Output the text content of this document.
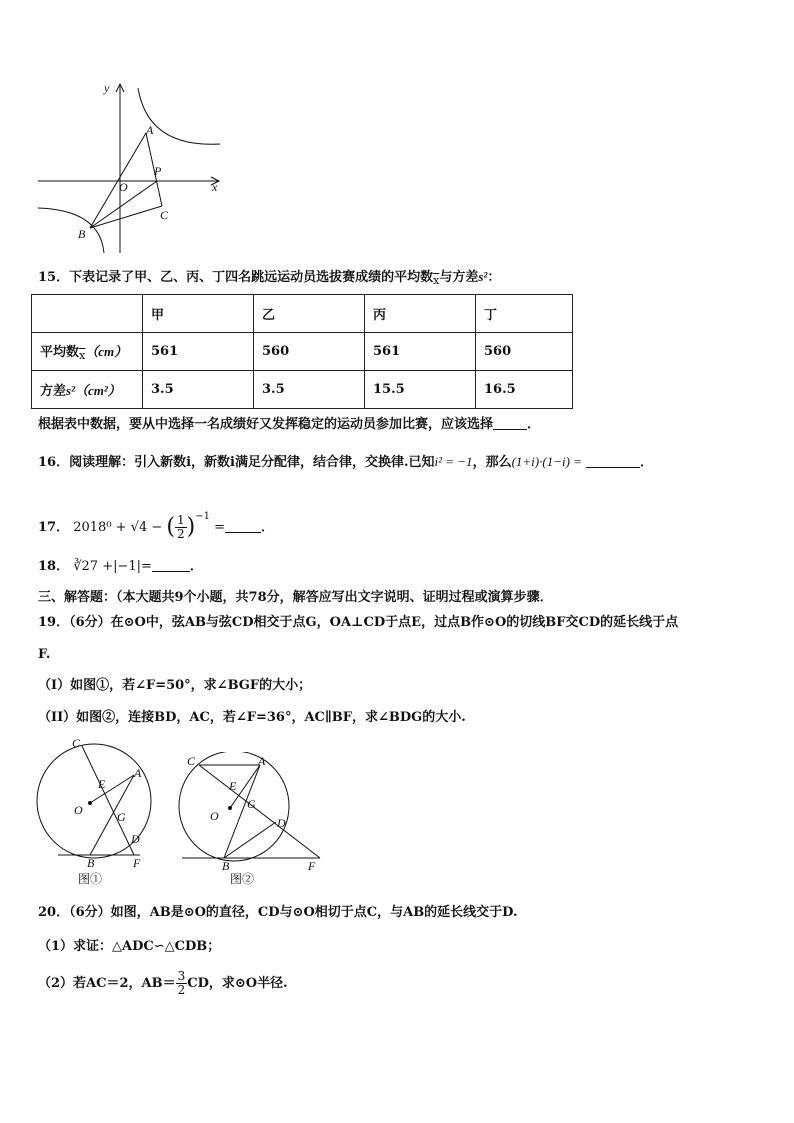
y
x
A
O
P
B
C
15．下表记录了甲、乙、丙、丁四名跳远运动员选拔赛成绩的平均数$_{\overline{x}}$与方差s²：
	甲	乙	丙	丁
平均数$_{\overline{x}}$（cm）	561	560	561	560
方差s²（cm²）	3.5	3.5	15.5	16.5
根据表中数据，要从中选择一名成绩好又发挥稳定的运动员参加比赛，应该选择	．
16．阅读理解：引入新数i，新数i满足分配律，结合律，交换律.已知i² = −1，那么(1+i)·(1−i) =	．
17． 2018⁰ + √4 − ( $\frac{1}{2} )^{-1}$ =	．
18． ∛27 +|−1|=	．
三、解答题：（本大题共9个小题，共78分，解答应写出文字说明、证明过程或演算步骤．
19．（6分）在⊙O中，弦AB与弦CD相交于点G，OA⊥CD于点E，过点B作⊙O的切线BF交CD的延长线于点
F.
（I）如图①，若∠F=50°，求∠BGF的大小；
（II）如图②，连接BD，AC，若∠F=36°，AC∥BF，求∠BDG的大小.
C
A
E
O	G
D
B	F
图①
C	A
E
G
O	D
B	F
图②
20．（6分）如图，AB是⊙O的直径，CD与⊙O相切于点C，与AB的延长线交于D.
（1）求证：△ADC∽△CDB；
（2）若AC＝2，$AB= \frac{3}{2}$ CD，求⊙O半径.
